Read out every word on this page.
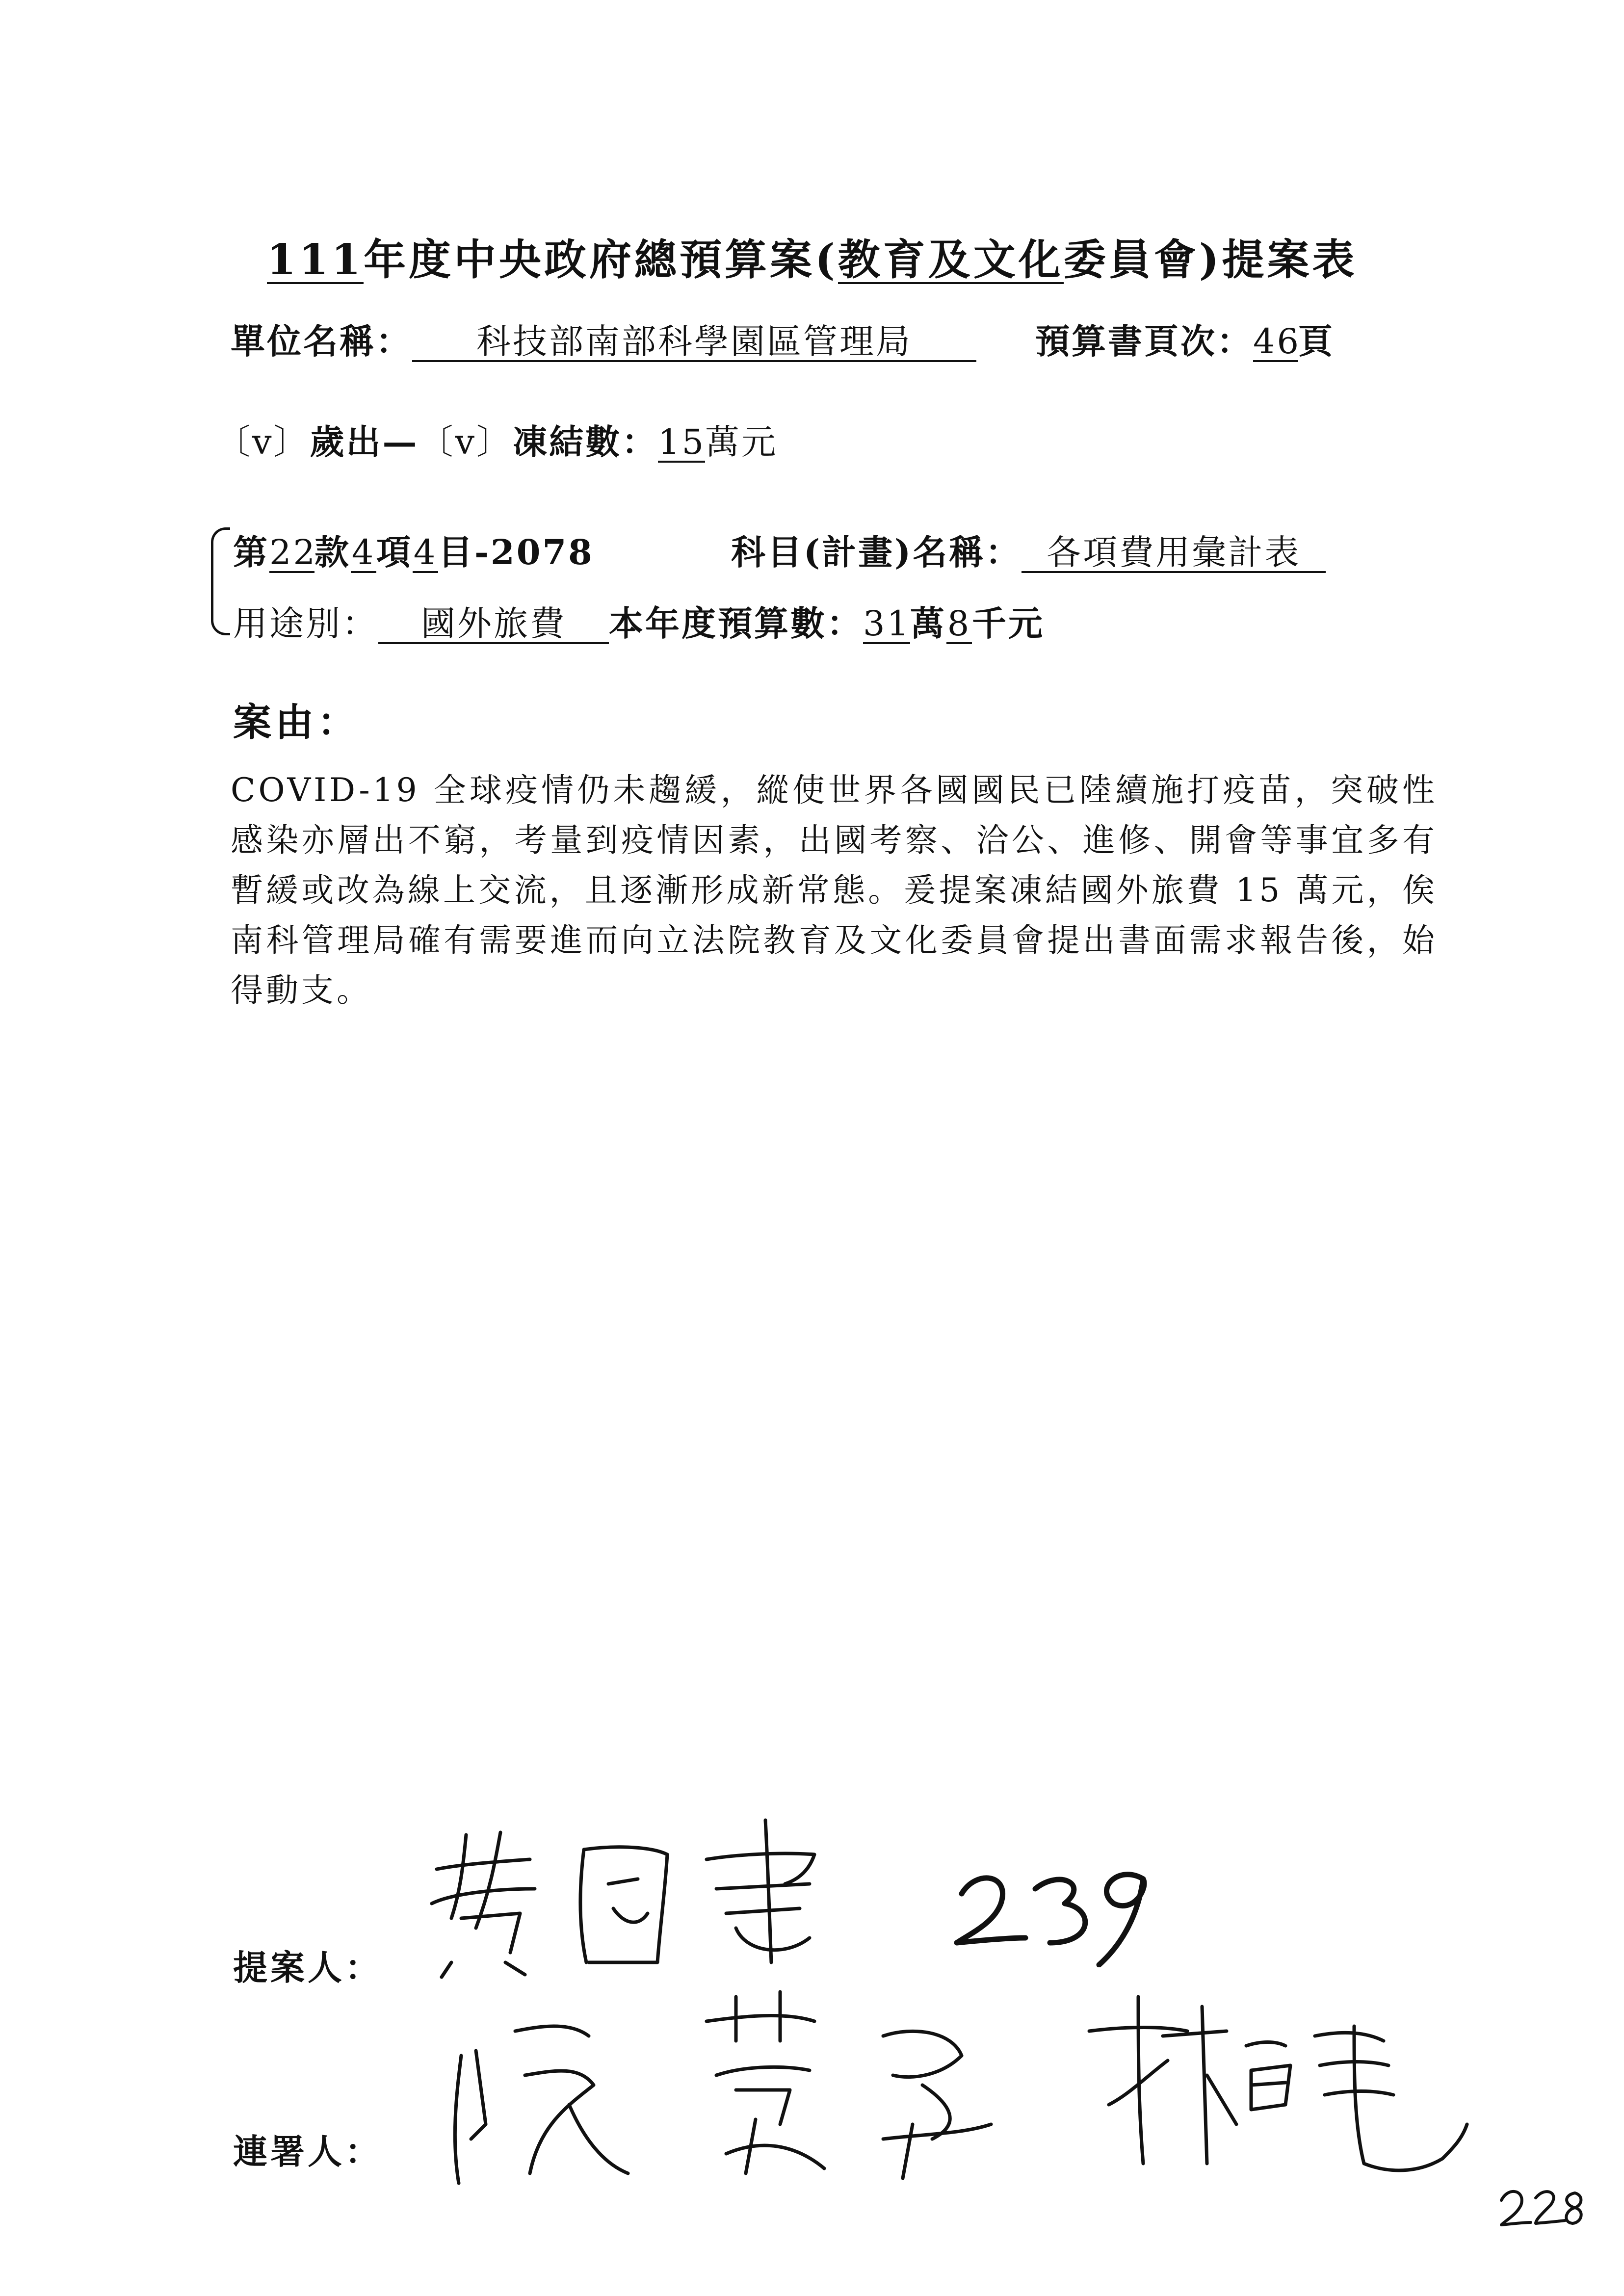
111年度中央政府總預算案(教育及文化委員會)提案表
單位名稱： 科技部南部科學園區管理局	預算書頁次：46頁
〔v〕歲出—〔v〕凍結數：15萬元
第22款4項4目-2078	科目(計畫)名稱： 各項費用彙計表
用途別： 國外旅費 本年度預算數：31萬8千元
案由：
COVID-19 全球疫情仍未趨緩，縱使世界各國國民已陸續施打疫苗，突破性感染亦層出不窮，考量到疫情因素，出國考察、洽公、進修、開會等事宜多有暫緩或改為線上交流，且逐漸形成新常態。爰提案凍結國外旅費 15 萬元，俟南科管理局確有需要進而向立法院教育及文化委員會提出書面需求報告後，始得動支。
提案人：
連署人：
